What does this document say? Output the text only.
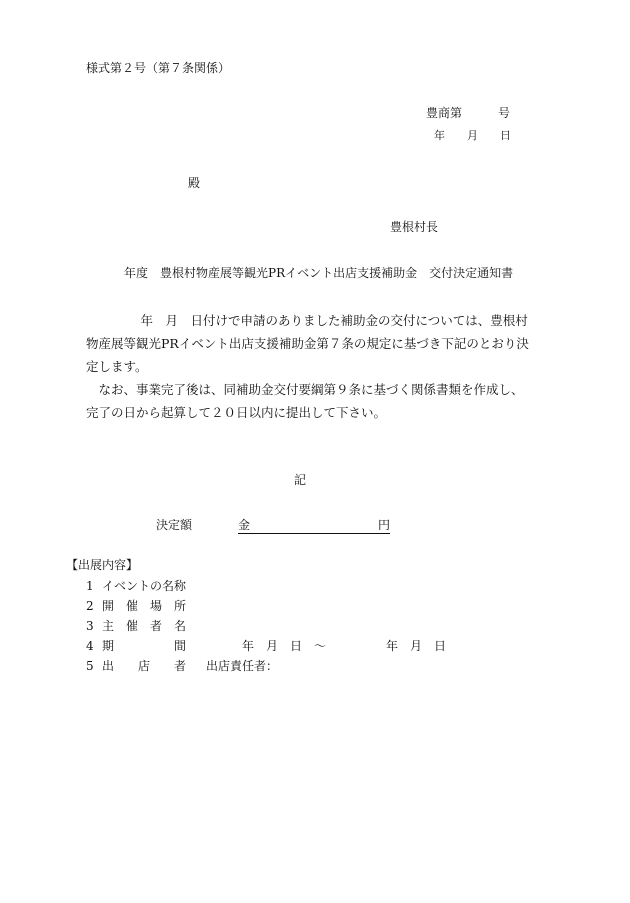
様式第２号（第７条関係）
豊商第　　　号
年　　月　　日
殿
豊根村長
年度　豊根村物産展等観光PRイベント出店支援補助金　交付決定通知書
　年　月　日付けで申請のありました補助金の交付については、豊根村
物産展等観光PRイベント出店支援補助金第７条の規定に基づき下記のとおり決
定します。
　なお、事業完了後は、同補助金交付要綱第９条に基づく関係書類を作成し、
完了の日から起算して２０日以内に提出して下さい。
記
決定額	金	円
【出展内容】
1 イベントの名称
2 開　催　場　所
3 主　催　者　名
4 期　　　　　間	年　月　日　～　　　　　年　月　日
5 出　　店　　者 出店責任者：
